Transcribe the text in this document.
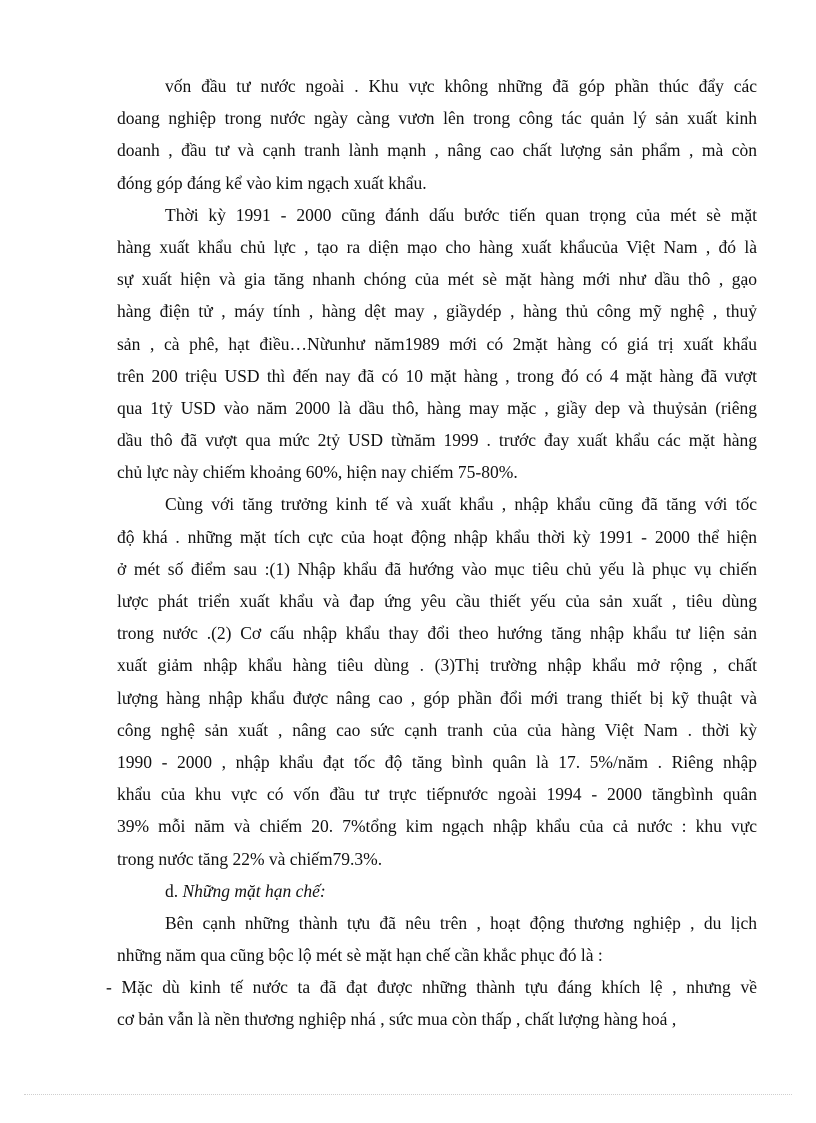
vốn đầu tư nước ngoài . Khu vực không những đã góp phần thúc đẩy các
doang nghiệp trong nước ngày càng vươn lên trong công tác quản lý sản xuất kinh
doanh , đầu tư và cạnh tranh lành mạnh , nâng cao chất lượng sản phẩm , mà còn
đóng góp đáng kể vào kim ngạch xuất khẩu.
Thời kỳ 1991 - 2000 cũng đánh dấu bước tiến quan trọng của mét sè mặt
hàng xuất khẩu chủ lực , tạo ra diện mạo cho hàng xuất khẩucủa Việt Nam , đó là
sự xuất hiện và gia tăng nhanh chóng của mét sè mặt hàng mới như dầu thô , gạo
hàng điện tử , máy tính , hàng dệt may , giầydép , hàng thủ công mỹ nghệ , thuỷ
sản , cà phê, hạt điều…Nừunhư năm1989 mới có 2mặt hàng có giá trị xuất khẩu
trên 200 triệu USD thì đến nay đã có 10 mặt hàng , trong đó có 4 mặt hàng đã vượt
qua 1tỷ USD vào năm 2000 là dầu thô, hàng may mặc , giầy dep và thuỷsản (riêng
dầu thô đã vượt qua mức 2tỷ USD từnăm 1999 . trước đay xuất khẩu các mặt hàng
chủ lực này chiếm khoảng 60%, hiện nay chiếm 75-80%.
Cùng với tăng trưởng kinh tế và xuất khẩu , nhập khẩu cũng đã tăng với tốc
độ khá . những mặt tích cực của hoạt động nhập khẩu thời kỳ 1991 - 2000 thể hiện
ở mét số điểm sau :(1) Nhập khẩu đã hướng vào mục tiêu chủ yếu là phục vụ chiến
lược phát triển xuất khẩu và đap ứng yêu cầu thiết yếu của sản xuất , tiêu dùng
trong nước .(2) Cơ cấu nhập khẩu thay đổi theo hướng tăng nhập khẩu tư liện sản
xuất giảm nhập khẩu hàng tiêu dùng . (3)Thị trường nhập khẩu mở rộng , chất
lượng hàng nhập khẩu được nâng cao , góp phần đổi mới trang thiết bị kỹ thuật và
công nghệ sản xuất , nâng cao sức cạnh tranh của của hàng Việt Nam . thời kỳ
1990 - 2000 , nhập khẩu đạt tốc độ tăng bình quân là 17. 5%/năm . Riêng nhập
khẩu của khu vực có vốn đầu tư trực tiếpnước ngoài 1994 - 2000 tăngbình quân
39% mỗi năm và chiếm 20. 7%tổng kim ngạch nhập khẩu của cả nước : khu vực
trong nước tăng 22% và chiếm79.3%.
d. Những mặt hạn chế:
Bên cạnh những thành tựu đã nêu trên , hoạt động thương nghiệp , du lịch
những năm qua cũng bộc lộ mét sè mặt hạn chế cần khắc phục đó là :
- Mặc dù kinh tế nước ta đã đạt được những thành tựu đáng khích lệ , nhưng về
cơ bản vẫn là nền thương nghiệp nhá , sức mua còn thấp , chất lượng hàng hoá ,
